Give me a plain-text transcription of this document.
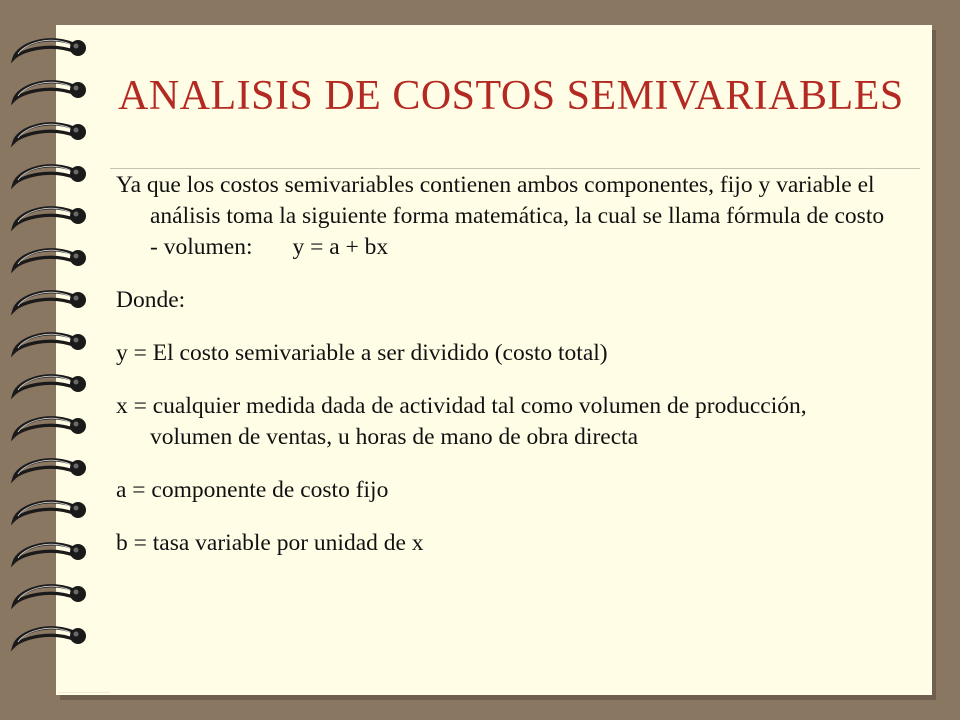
ANALISIS DE COSTOS SEMIVARIABLES

Ya que los costos semivariables contienen ambos componentes, fijo y variable el análisis toma la siguiente forma matemática, la cual se llama fórmula de costo - volumen: y = a + bx

Donde:

y = El costo semivariable a ser dividido (costo total)

x = cualquier medida dada de actividad tal como volumen de producción, volumen de ventas, u horas de mano de obra directa

a = componente de costo fijo

b = tasa variable por unidad de x
